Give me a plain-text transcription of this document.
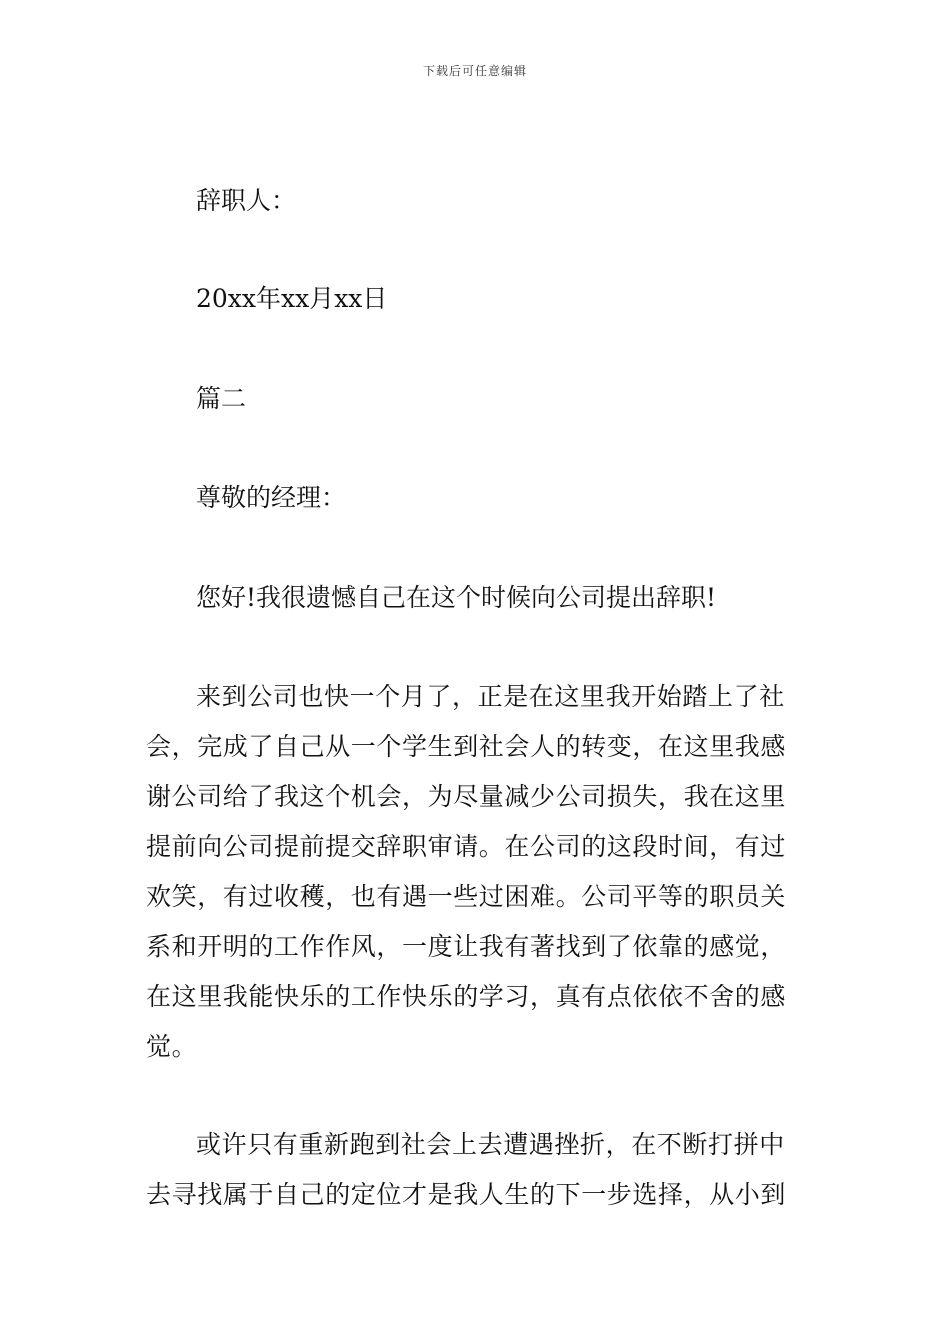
下载后可任意编辑
辞职人：
20xx年xx月xx日
篇二
尊敬的经理：
您好!我很遗憾自己在这个时候向公司提出辞职!
来到公司也快一个月了，正是在这里我开始踏上了社
会，完成了自己从一个学生到社会人的转变，在这里我感
谢公司给了我这个机会，为尽量减少公司损失，我在这里
提前向公司提前提交辞职审请。在公司的这段时间，有过
欢笑，有过收穫，也有遇一些过困难。公司平等的职员关
系和开明的工作作风，一度让我有著找到了依靠的感觉，
在这里我能快乐的工作快乐的学习，真有点依依不舍的感
觉。
或许只有重新跑到社会上去遭遇挫折，在不断打拼中
去寻找属于自己的定位才是我人生的下一步选择，从小到
